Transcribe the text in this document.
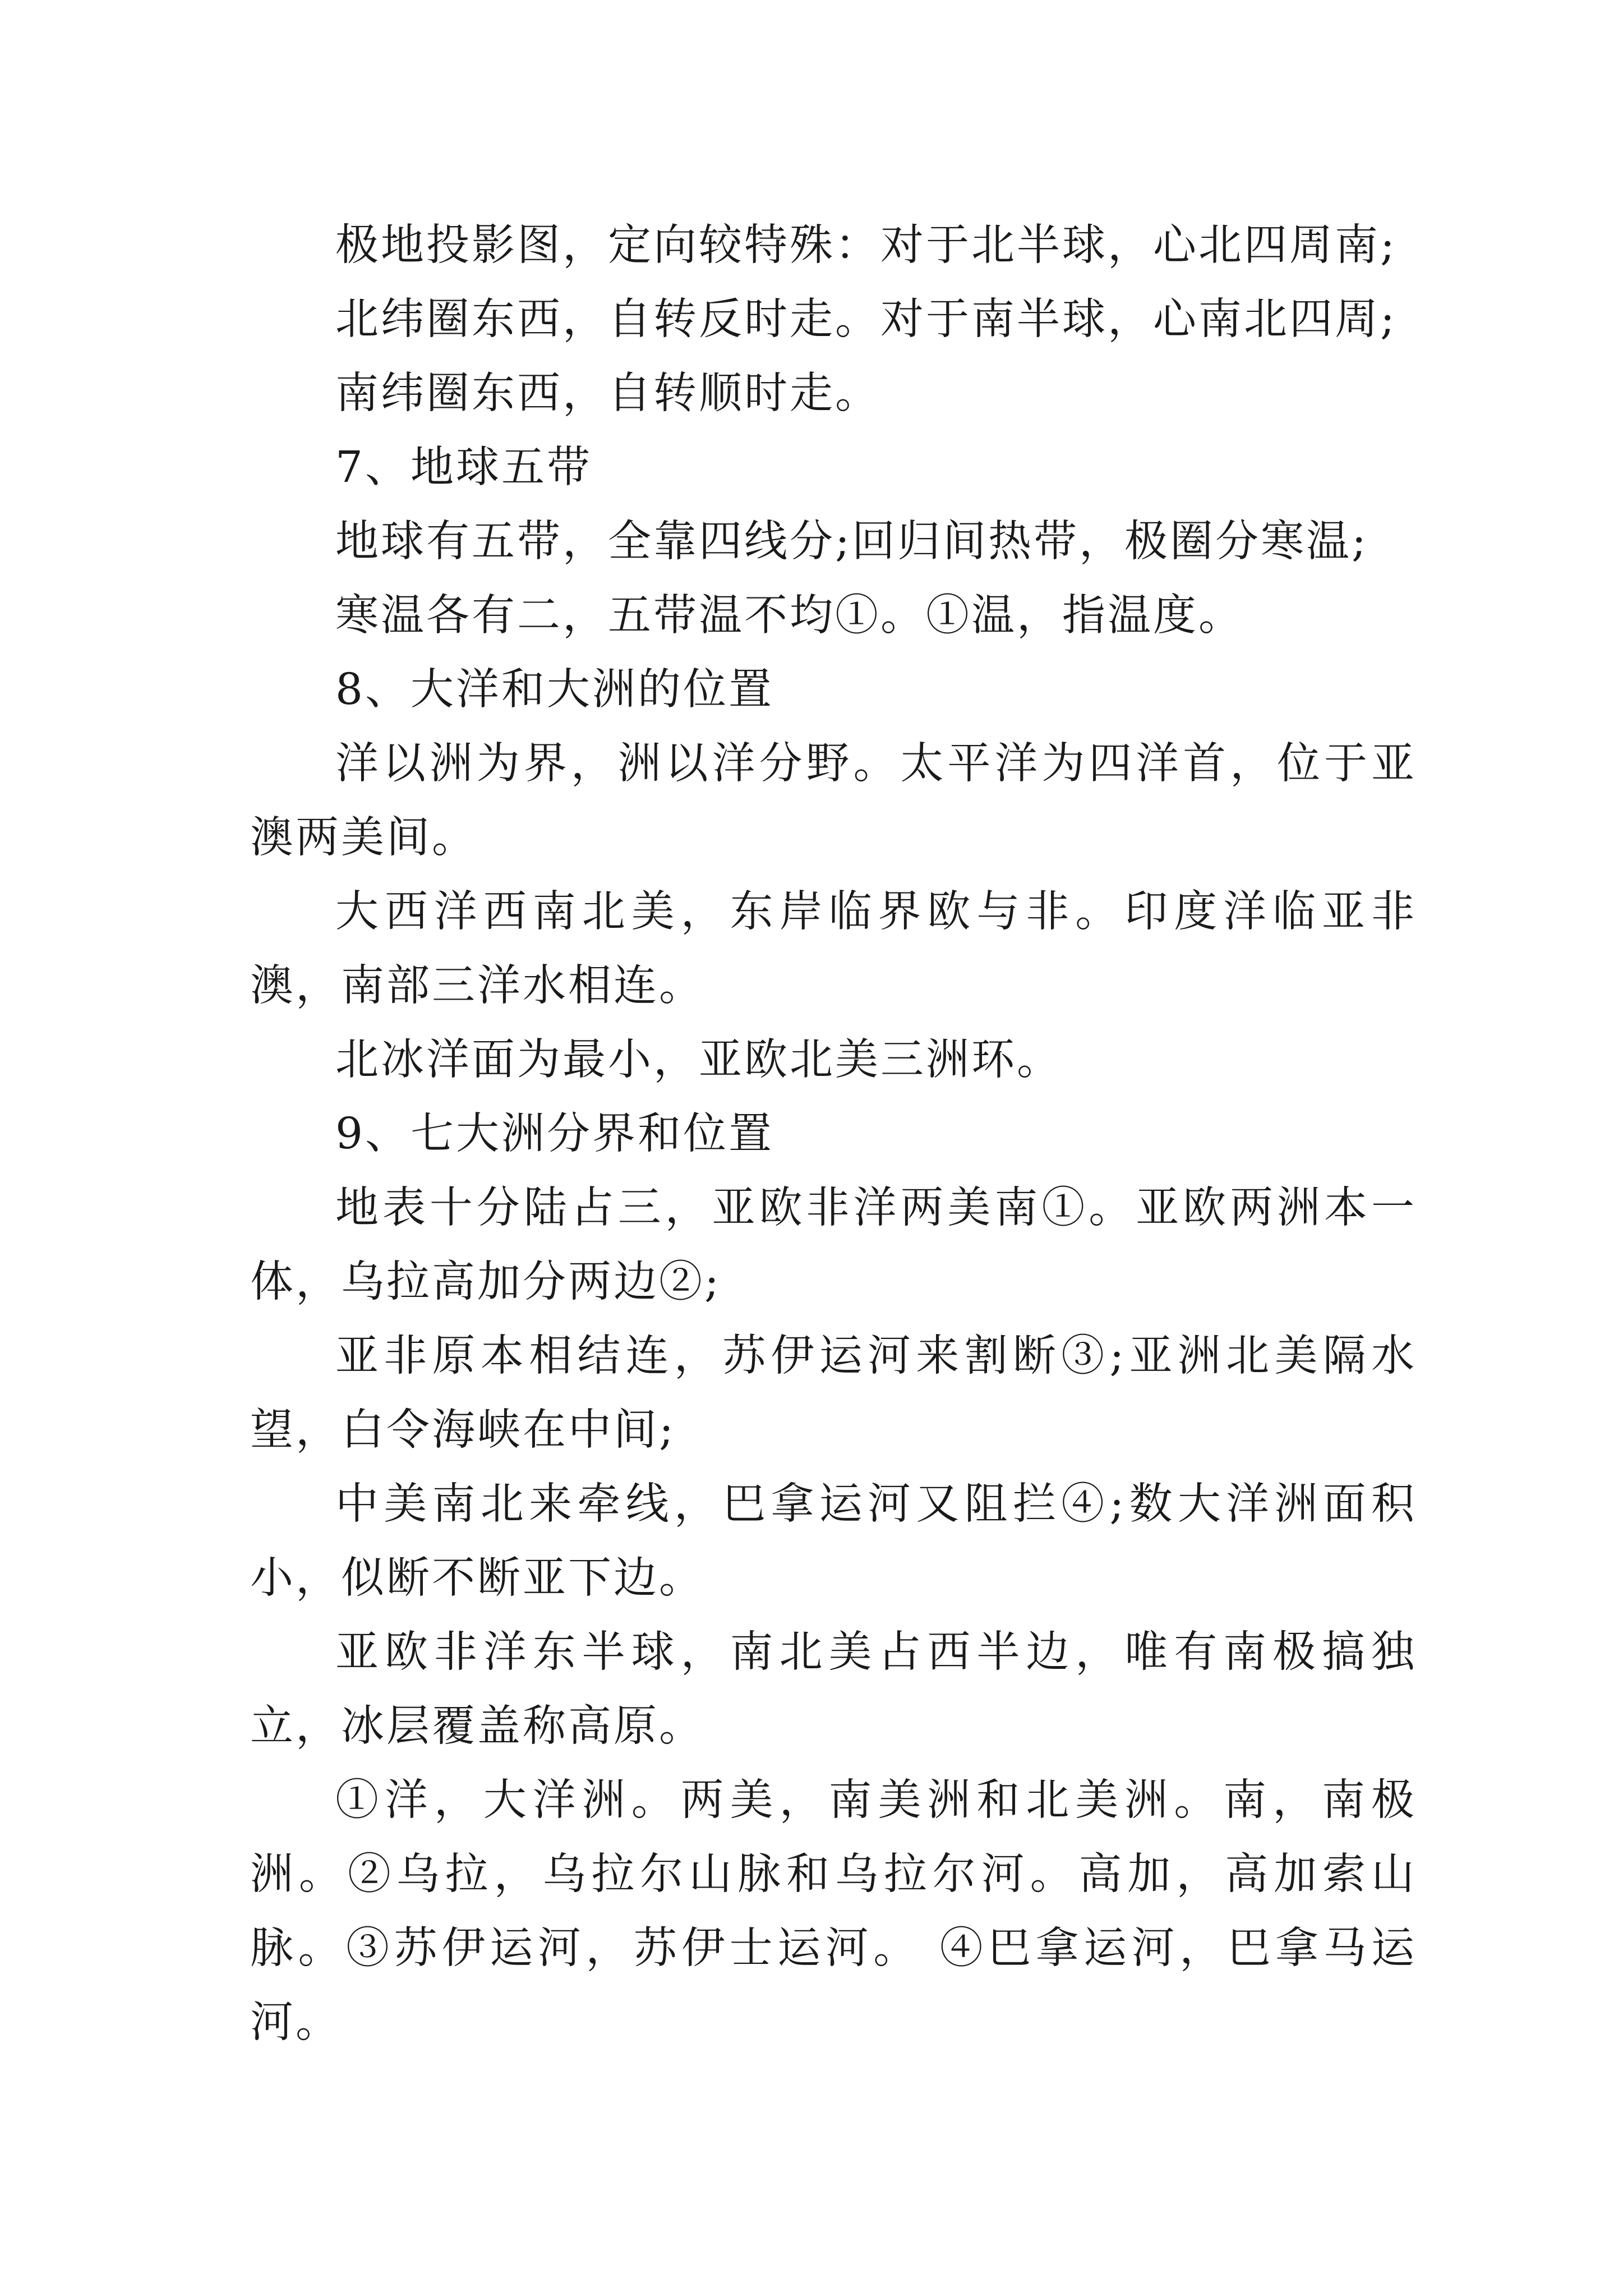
极地投影图，定向较特殊：对于北半球，心北四周南;

北纬圈东西，自转反时走。对于南半球，心南北四周;

南纬圈东西，自转顺时走。

7、地球五带

地球有五带，全靠四线分;回归间热带，极圈分寒温;

寒温各有二，五带温不均①。①温，指温度。

8、大洋和大洲的位置

洋以洲为界，洲以洋分野。太平洋为四洋首，位于亚澳两美间。

大西洋西南北美，东岸临界欧与非。印度洋临亚非澳，南部三洋水相连。

北冰洋面为最小，亚欧北美三洲环。

9、七大洲分界和位置

地表十分陆占三，亚欧非洋两美南①。亚欧两洲本一体，乌拉高加分两边②;

亚非原本相结连，苏伊运河来割断③;亚洲北美隔水望，白令海峡在中间;

中美南北来牵线，巴拿运河又阻拦④;数大洋洲面积小，似断不断亚下边。

亚欧非洋东半球，南北美占西半边，唯有南极搞独立，冰层覆盖称高原。

①洋，大洋洲。两美，南美洲和北美洲。南，南极洲。②乌拉，乌拉尔山脉和乌拉尔河。高加，高加索山脉。③苏伊运河，苏伊士运河。 ④巴拿运河，巴拿马运河。
